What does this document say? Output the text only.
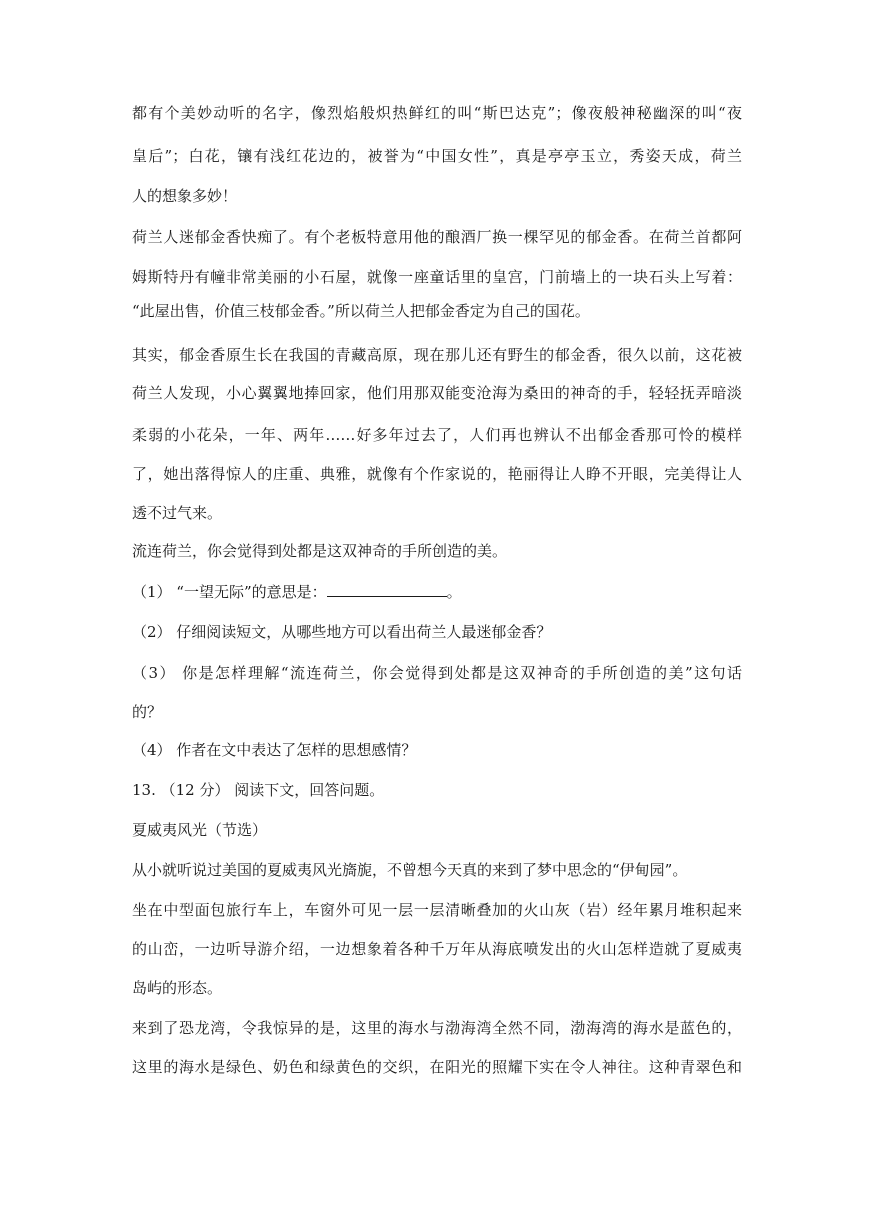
都有个美妙动听的名字，像烈焰般炽热鲜红的叫“斯巴达克”；像夜般神秘幽深的叫“夜
皇后”；白花，镶有浅红花边的，被誉为“中国女性”，真是亭亭玉立，秀姿天成，荷兰
人的想象多妙！
荷兰人迷郁金香快痴了。有个老板特意用他的酿酒厂换一棵罕见的郁金香。在荷兰首都阿
姆斯特丹有幢非常美丽的小石屋，就像一座童话里的皇宫，门前墙上的一块石头上写着：
“此屋出售，价值三枝郁金香。”所以荷兰人把郁金香定为自己的国花。
其实，郁金香原生长在我国的青藏高原，现在那儿还有野生的郁金香，很久以前，这花被
荷兰人发现，小心翼翼地捧回家，他们用那双能变沧海为桑田的神奇的手，轻轻抚弄暗淡
柔弱的小花朵，一年、两年……好多年过去了，人们再也辨认不出郁金香那可怜的模样
了，她出落得惊人的庄重、典雅，就像有个作家说的，艳丽得让人睁不开眼，完美得让人
透不过气来。
流连荷兰，你会觉得到处都是这双神奇的手所创造的美。
（1） “一望无际”的意思是：	。
（2） 仔细阅读短文，从哪些地方可以看出荷兰人最迷郁金香？
（3） 你是怎样理解“流连荷兰，你会觉得到处都是这双神奇的手所创造的美”这句话
的？
（4） 作者在文中表达了怎样的思想感情？
13. （12 分） 阅读下文，回答问题。
夏威夷风光（节选）
从小就听说过美国的夏威夷风光旖旎，不曾想今天真的来到了梦中思念的“伊甸园”。
坐在中型面包旅行车上，车窗外可见一层一层清晰叠加的火山灰（岩）经年累月堆积起来
的山峦，一边听导游介绍，一边想象着各种千万年从海底喷发出的火山怎样造就了夏威夷
岛屿的形态。
来到了恐龙湾，令我惊异的是，这里的海水与渤海湾全然不同，渤海湾的海水是蓝色的，
这里的海水是绿色、奶色和绿黄色的交织，在阳光的照耀下实在令人神往。这种青翠色和
